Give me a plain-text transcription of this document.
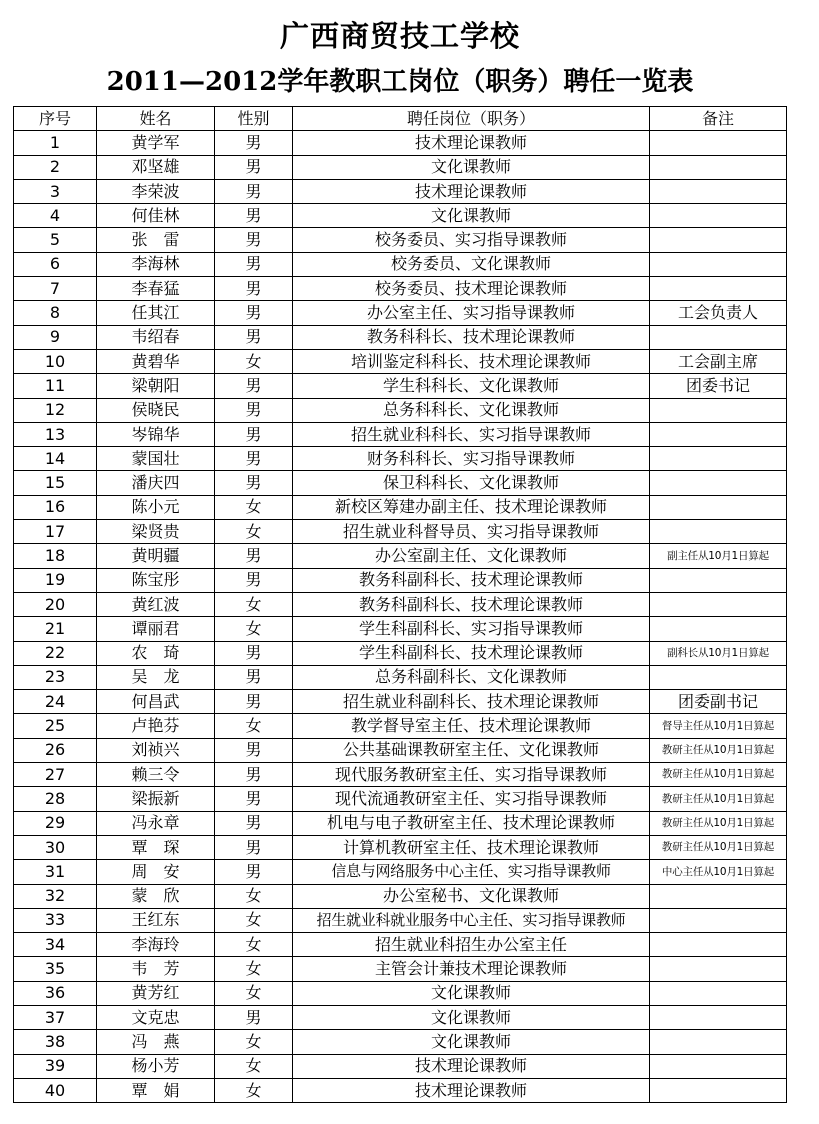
广西商贸技工学校
2011—2012学年教职工岗位（职务）聘任一览表
序号	姓名	性别	聘任岗位（职务）	备注
1	黄学军	男	技术理论课教师	
2	邓坚雄	男	文化课教师	
3	李荣波	男	技术理论课教师	
4	何佳林	男	文化课教师	
5	张　雷	男	校务委员、实习指导课教师	
6	李海林	男	校务委员、文化课教师	
7	李春猛	男	校务委员、技术理论课教师	
8	任其江	男	办公室主任、实习指导课教师	工会负责人
9	韦绍春	男	教务科科长、技术理论课教师	
10	黄碧华	女	培训鉴定科科长、技术理论课教师	工会副主席
11	梁朝阳	男	学生科科长、文化课教师	团委书记
12	侯晓民	男	总务科科长、文化课教师	
13	岑锦华	男	招生就业科科长、实习指导课教师	
14	蒙国壮	男	财务科科长、实习指导课教师	
15	潘庆四	男	保卫科科长、文化课教师	
16	陈小元	女	新校区筹建办副主任、技术理论课教师	
17	梁贤贵	女	招生就业科督导员、实习指导课教师	
18	黄明疆	男	办公室副主任、文化课教师	副主任从10月1日算起
19	陈宝彤	男	教务科副科长、技术理论课教师	
20	黄红波	女	教务科副科长、技术理论课教师	
21	谭丽君	女	学生科副科长、实习指导课教师	
22	农　琦	男	学生科副科长、技术理论课教师	副科长从10月1日算起
23	吴　龙	男	总务科副科长、文化课教师	
24	何昌武	男	招生就业科副科长、技术理论课教师	团委副书记
25	卢艳芬	女	教学督导室主任、技术理论课教师	督导主任从10月1日算起
26	刘祯兴	男	公共基础课教研室主任、文化课教师	教研主任从10月1日算起
27	赖三令	男	现代服务教研室主任、实习指导课教师	教研主任从10月1日算起
28	梁振新	男	现代流通教研室主任、实习指导课教师	教研主任从10月1日算起
29	冯永章	男	机电与电子教研室主任、技术理论课教师	教研主任从10月1日算起
30	覃　琛	男	计算机教研室主任、技术理论课教师	教研主任从10月1日算起
31	周　安	男	信息与网络服务中心主任、实习指导课教师	中心主任从10月1日算起
32	蒙　欣	女	办公室秘书、文化课教师	
33	王红东	女	招生就业科就业服务中心主任、实习指导课教师	
34	李海玲	女	招生就业科招生办公室主任	
35	韦　芳	女	主管会计兼技术理论课教师	
36	黄芳红	女	文化课教师	
37	文克忠	男	文化课教师	
38	冯　燕	女	文化课教师	
39	杨小芳	女	技术理论课教师	
40	覃　娟	女	技术理论课教师	
